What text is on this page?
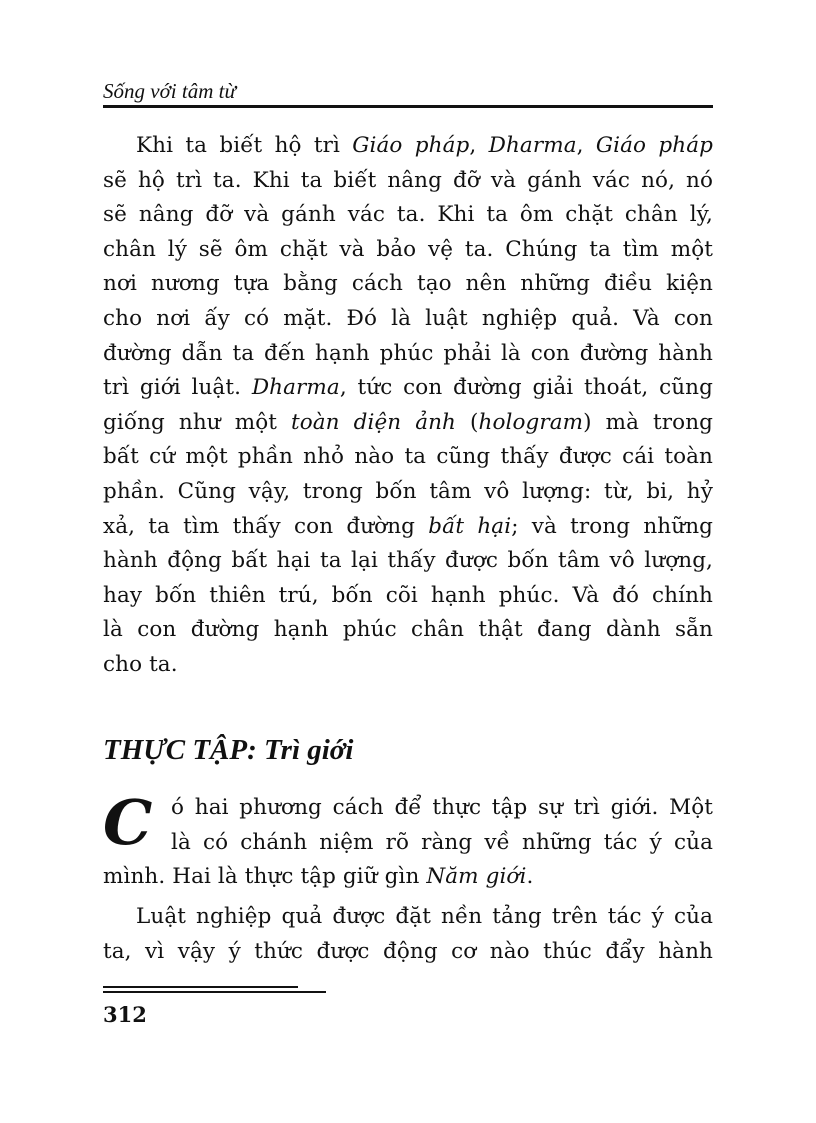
Sống với tâm từ
Khi ta biết hộ trì Giáo pháp, Dharma, Giáo pháp
sẽ hộ trì ta. Khi ta biết nâng đỡ và gánh vác nó, nó
sẽ nâng đỡ và gánh vác ta. Khi ta ôm chặt chân lý,
chân lý sẽ ôm chặt và bảo vệ ta. Chúng ta tìm một
nơi nương tựa bằng cách tạo nên những điều kiện
cho nơi ấy có mặt. Đó là luật nghiệp quả. Và con
đường dẫn ta đến hạnh phúc phải là con đường hành
trì giới luật. Dharma, tức con đường giải thoát, cũng
giống như một toàn diện ảnh (hologram) mà trong
bất cứ một phần nhỏ nào ta cũng thấy được cái toàn
phần. Cũng vậy, trong bốn tâm vô lượng: từ, bi, hỷ
xả, ta tìm thấy con đường bất hại; và trong những
hành động bất hại ta lại thấy được bốn tâm vô lượng,
hay bốn thiên trú, bốn cõi hạnh phúc. Và đó chính
là con đường hạnh phúc chân thật đang dành sẵn
cho ta.
THỰC TẬP: Trì giới
C ó hai phương cách để thực tập sự trì giới. Một
là có chánh niệm rõ ràng về những tác ý của
mình. Hai là thực tập giữ gìn Năm giới.
Luật nghiệp quả được đặt nền tảng trên tác ý của
ta, vì vậy ý thức được động cơ nào thúc đẩy hành
312
